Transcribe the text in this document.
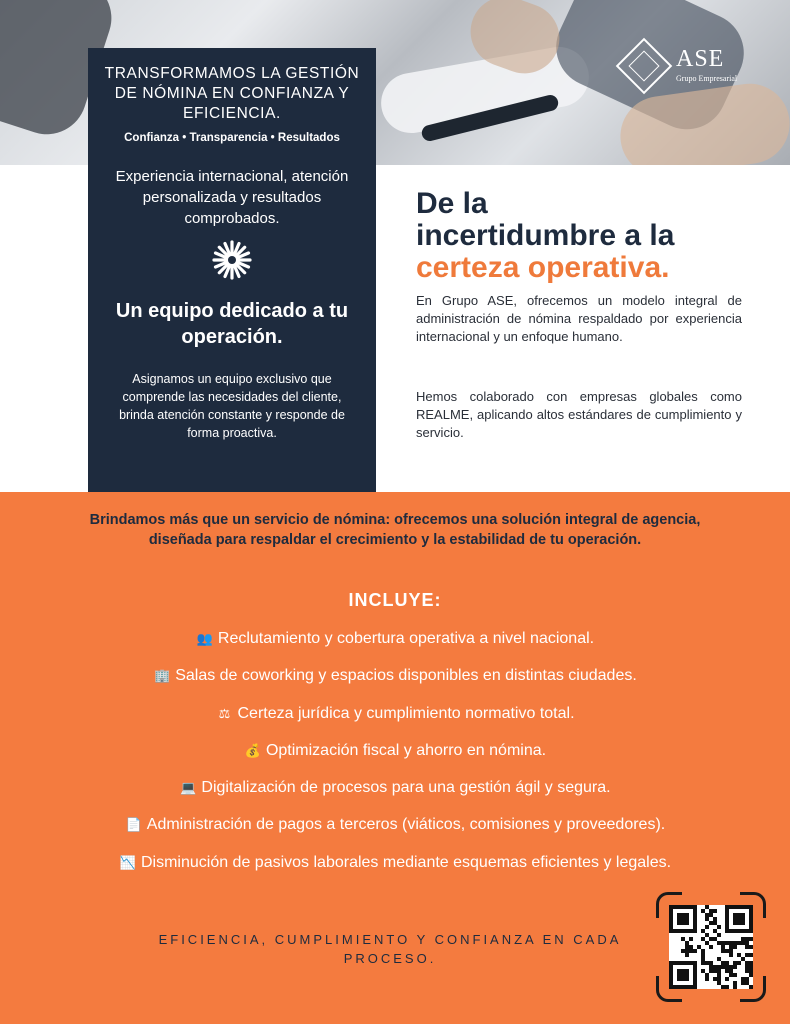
ASE
Grupo Empresarial
TRANSFORMAMOS LA GESTIÓN DE NÓMINA EN CONFIANZA Y EFICIENCIA.
Confianza • Transparencia • Resultados
Experiencia internacional, atención personalizada y resultados comprobados.
Un equipo dedicado a tu operación.
Asignamos un equipo exclusivo que comprende las necesidades del cliente, brinda atención constante y responde de forma proactiva.
De la
incertidumbre a la
certeza operativa.
En Grupo ASE, ofrecemos un modelo integral de administración de nómina respaldado por experiencia internacional y un enfoque humano.
Hemos colaborado con empresas globales como REALME, aplicando altos estándares de cumplimiento y servicio.
Brindamos más que un servicio de nómina: ofrecemos una solución integral de agencia, diseñada para respaldar el crecimiento y la estabilidad de tu operación.
INCLUYE:
👥 Reclutamiento y cobertura operativa a nivel nacional.
🏢 Salas de coworking y espacios disponibles en distintas ciudades.
⚖ Certeza jurídica y cumplimiento normativo total.
💰 Optimización fiscal y ahorro en nómina.
💻 Digitalización de procesos para una gestión ágil y segura.
📄 Administración de pagos a terceros (viáticos, comisiones y proveedores).
📉 Disminución de pasivos laborales mediante esquemas eficientes y legales.
EFICIENCIA, CUMPLIMIENTO Y CONFIANZA EN CADA PROCESO.
